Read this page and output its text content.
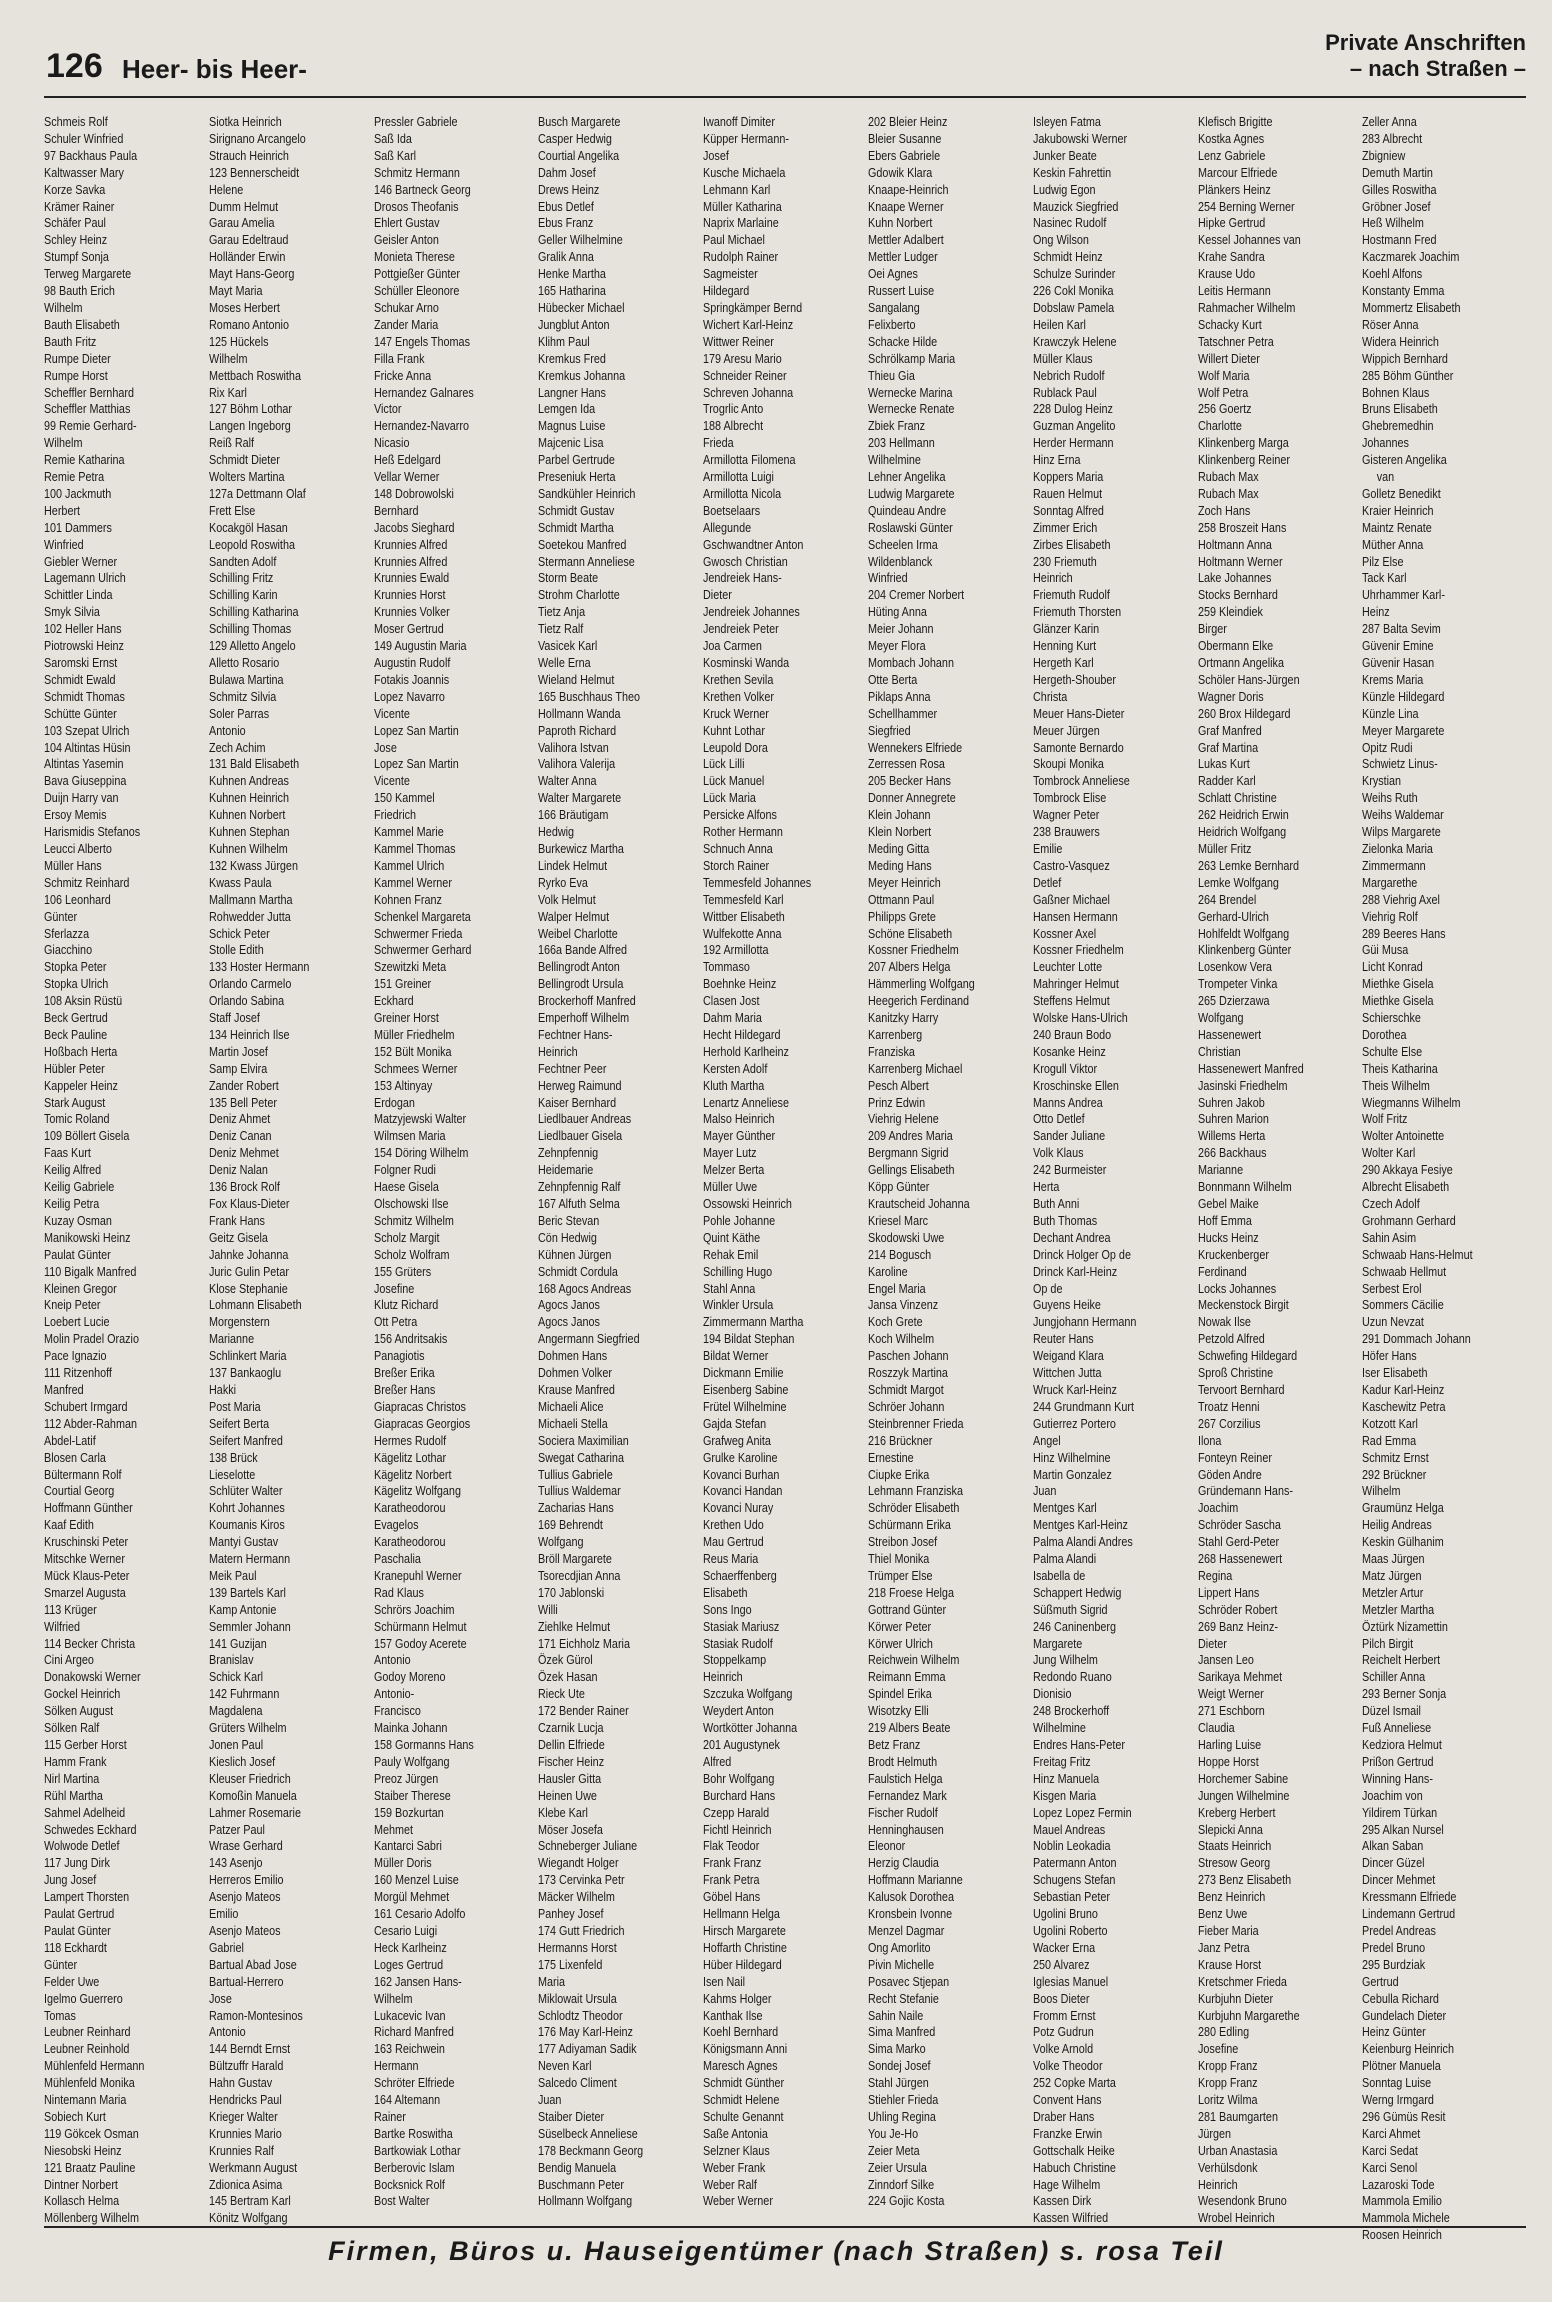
126 Heer- bis Heer-
Private Anschriften
– nach Straßen –
Schmeis Rolf
Schuler Winfried
97 Backhaus Paula
Kaltwasser Mary
Korze Savka
Krämer Rainer
Schäfer Paul
Schley Heinz
Stumpf Sonja
Terweg Margarete
98 Bauth Erich
Wilhelm
Bauth Elisabeth
Bauth Fritz
Rumpe Dieter
Rumpe Horst
Scheffler Bernhard
Scheffler Matthias
99 Remie Gerhard-
Wilhelm
Remie Katharina
Remie Petra
100 Jackmuth
Herbert
101 Dammers
Winfried
Giebler Werner
Lagemann Ulrich
Schittler Linda
Smyk Silvia
102 Heller Hans
Piotrowski Heinz
Saromski Ernst
Schmidt Ewald
Schmidt Thomas
Schütte Günter
103 Szepat Ulrich
104 Altintas Hüsin
Altintas Yasemin
Bava Giuseppina
Duijn Harry van
Ersoy Memis
Harismidis Stefanos
Leucci Alberto
Müller Hans
Schmitz Reinhard
106 Leonhard
Günter
Sferlazza
Giacchino
Stopka Peter
Stopka Ulrich
108 Aksin Rüstü
Beck Gertrud
Beck Pauline
Hoßbach Herta
Hübler Peter
Kappeler Heinz
Stark August
Tomic Roland
109 Böllert Gisela
Faas Kurt
Keilig Alfred
Keilig Gabriele
Keilig Petra
Kuzay Osman
Manikowski Heinz
Paulat Günter
110 Bigalk Manfred
Kleinen Gregor
Kneip Peter
Loebert Lucie
Molin Pradel Orazio
Pace Ignazio
111 Ritzenhoff
Manfred
Schubert Irmgard
112 Abder-Rahman
Abdel-Latif
Blosen Carla
Bültermann Rolf
Courtial Georg
Hoffmann Günther
Kaaf Edith
Kruschinski Peter
Mitschke Werner
Mück Klaus-Peter
Smarzel Augusta
113 Krüger
Wilfried
114 Becker Christa
Cini Argeo
Donakowski Werner
Gockel Heinrich
Sölken August
Sölken Ralf
115 Gerber Horst
Hamm Frank
Nirl Martina
Rühl Martha
Sahmel Adelheid
Schwedes Eckhard
Wolwode Detlef
117 Jung Dirk
Jung Josef
Lampert Thorsten
Paulat Gertrud
Paulat Günter
118 Eckhardt
Günter
Felder Uwe
Igelmo Guerrero
Tomas
Leubner Reinhard
Leubner Reinhold
Mühlenfeld Hermann
Mühlenfeld Monika
Nintemann Maria
Sobiech Kurt
119 Gökcek Osman
Niesobski Heinz
121 Braatz Pauline
Dintner Norbert
Kollasch Helma
Möllenberg Wilhelm
Siotka Heinrich
Sirignano Arcangelo
Strauch Heinrich
123 Bennerscheidt
Helene
Dumm Helmut
Garau Amelia
Garau Edeltraud
Holländer Erwin
Mayt Hans-Georg
Mayt Maria
Moses Herbert
Romano Antonio
125 Hückels
Wilhelm
Mettbach Roswitha
Rix Karl
127 Böhm Lothar
Langen Ingeborg
Reiß Ralf
Schmidt Dieter
Wolters Martina
127a Dettmann Olaf
Frett Else
Kocakgöl Hasan
Leopold Roswitha
Sandten Adolf
Schilling Fritz
Schilling Karin
Schilling Katharina
Schilling Thomas
129 Alletto Angelo
Alletto Rosario
Bulawa Martina
Schmitz Silvia
Soler Parras
Antonio
Zech Achim
131 Bald Elisabeth
Kuhnen Andreas
Kuhnen Heinrich
Kuhnen Norbert
Kuhnen Stephan
Kuhnen Wilhelm
132 Kwass Jürgen
Kwass Paula
Mallmann Martha
Rohwedder Jutta
Schick Peter
Stolle Edith
133 Hoster Hermann
Orlando Carmelo
Orlando Sabina
Staff Josef
134 Heinrich Ilse
Martin Josef
Samp Elvira
Zander Robert
135 Bell Peter
Deniz Ahmet
Deniz Canan
Deniz Mehmet
Deniz Nalan
136 Brock Rolf
Fox Klaus-Dieter
Frank Hans
Geitz Gisela
Jahnke Johanna
Juric Gulin Petar
Klose Stephanie
Lohmann Elisabeth
Morgenstern
Marianne
Schlinkert Maria
137 Bankaoglu
Hakki
Post Maria
Seifert Berta
Seifert Manfred
138 Brück
Lieselotte
Schlüter Walter
Kohrt Johannes
Koumanis Kiros
Mantyi Gustav
Matern Hermann
Meik Paul
139 Bartels Karl
Kamp Antonie
Semmler Johann
141 Guzijan
Branislav
Schick Karl
142 Fuhrmann
Magdalena
Grüters Wilhelm
Jonen Paul
Kieslich Josef
Kleuser Friedrich
Komoßin Manuela
Lahmer Rosemarie
Patzer Paul
Wrase Gerhard
143 Asenjo
Herreros Emilio
Asenjo Mateos
Emilio
Asenjo Mateos
Gabriel
Bartual Abad Jose
Bartual-Herrero
Jose
Ramon-Montesinos
Antonio
144 Berndt Ernst
Bültzuffr Harald
Hahn Gustav
Hendricks Paul
Krieger Walter
Krunnies Mario
Krunnies Ralf
Werkmann August
Zdionica Asima
145 Bertram Karl
Könitz Wolfgang
Pressler Gabriele
Saß Ida
Saß Karl
Schmitz Hermann
146 Bartneck Georg
Drosos Theofanis
Ehlert Gustav
Geisler Anton
Monieta Therese
Pottgießer Günter
Schüller Eleonore
Schukar Arno
Zander Maria
147 Engels Thomas
Filla Frank
Fricke Anna
Hernandez Galnares
Victor
Hernandez-Navarro
Nicasio
Heß Edelgard
Vellar Werner
148 Dobrowolski
Bernhard
Jacobs Sieghard
Krunnies Alfred
Krunnies Alfred
Krunnies Ewald
Krunnies Horst
Krunnies Volker
Moser Gertrud
149 Augustin Maria
Augustin Rudolf
Fotakis Joannis
Lopez Navarro
Vicente
Lopez San Martin
Jose
Lopez San Martin
Vicente
150 Kammel
Friedrich
Kammel Marie
Kammel Thomas
Kammel Ulrich
Kammel Werner
Kohnen Franz
Schenkel Margareta
Schwermer Frieda
Schwermer Gerhard
Szewitzki Meta
151 Greiner
Eckhard
Greiner Horst
Müller Friedhelm
152 Bült Monika
Schmees Werner
153 Altinyay
Erdogan
Matzyjewski Walter
Wilmsen Maria
154 Döring Wilhelm
Folgner Rudi
Haese Gisela
Olschowski Ilse
Schmitz Wilhelm
Scholz Margit
Scholz Wolfram
155 Grüters
Josefine
Klutz Richard
Ott Petra
156 Andritsakis
Panagiotis
Breßer Erika
Breßer Hans
Giapracas Christos
Giapracas Georgios
Hermes Rudolf
Kägelitz Lothar
Kägelitz Norbert
Kägelitz Wolfgang
Karatheodorou
Evagelos
Karatheodorou
Paschalia
Kranepuhl Werner
Rad Klaus
Schrörs Joachim
Schürmann Helmut
157 Godoy Acerete
Antonio
Godoy Moreno
Antonio-
Francisco
Mainka Johann
158 Gormanns Hans
Pauly Wolfgang
Preoz Jürgen
Staiber Therese
159 Bozkurtan
Mehmet
Kantarci Sabri
Müller Doris
160 Menzel Luise
Morgül Mehmet
161 Cesario Adolfo
Cesario Luigi
Heck Karlheinz
Loges Gertrud
162 Jansen Hans-
Wilhelm
Lukacevic Ivan
Richard Manfred
163 Reichwein
Hermann
Schröter Elfriede
164 Altemann
Rainer
Bartke Roswitha
Bartkowiak Lothar
Berberovic Islam
Bocksnick Rolf
Bost Walter
Busch Margarete
Casper Hedwig
Courtial Angelika
Dahm Josef
Drews Heinz
Ebus Detlef
Ebus Franz
Geller Wilhelmine
Gralik Anna
Henke Martha
165 Hatharina
Hübecker Michael
Jungblut Anton
Klihm Paul
Kremkus Fred
Kremkus Johanna
Langner Hans
Lemgen Ida
Magnus Luise
Majcenic Lisa
Parbel Gertrude
Preseniuk Herta
Sandkühler Heinrich
Schmidt Gustav
Schmidt Martha
Soetekou Manfred
Stermann Anneliese
Storm Beate
Strohm Charlotte
Tietz Anja
Tietz Ralf
Vasicek Karl
Welle Erna
Wieland Helmut
165 Buschhaus Theo
Hollmann Wanda
Paproth Richard
Valihora Istvan
Valihora Valerija
Walter Anna
Walter Margarete
166 Bräutigam
Hedwig
Burkewicz Martha
Lindek Helmut
Ryrko Eva
Volk Helmut
Walper Helmut
Weibel Charlotte
166a Bande Alfred
Bellingrodt Anton
Bellingrodt Ursula
Brockerhoff Manfred
Emperhoff Wilhelm
Fechtner Hans-
Heinrich
Fechtner Peer
Herweg Raimund
Kaiser Bernhard
Liedlbauer Andreas
Liedlbauer Gisela
Zehnpfennig
Heidemarie
Zehnpfennig Ralf
167 Alfuth Selma
Beric Stevan
Cön Hedwig
Kühnen Jürgen
Schmidt Cordula
168 Agocs Andreas
Agocs Janos
Agocs Janos
Angermann Siegfried
Dohmen Hans
Dohmen Volker
Krause Manfred
Michaeli Alice
Michaeli Stella
Sociera Maximilian
Swegat Catharina
Tullius Gabriele
Tullius Waldemar
Zacharias Hans
169 Behrendt
Wolfgang
Bröll Margarete
Tsorecdjian Anna
170 Jablonski
Willi
Ziehlke Helmut
171 Eichholz Maria
Özek Gürol
Özek Hasan
Rieck Ute
172 Bender Rainer
Czarnik Lucja
Dellin Elfriede
Fischer Heinz
Hausler Gitta
Heinen Uwe
Klebe Karl
Möser Josefa
Schneberger Juliane
Wiegandt Holger
173 Cervinka Petr
Mäcker Wilhelm
Panhey Josef
174 Gutt Friedrich
Hermanns Horst
175 Lixenfeld
Maria
Miklowait Ursula
Schlodtz Theodor
176 May Karl-Heinz
177 Adiyaman Sadik
Neven Karl
Salcedo Climent
Juan
Staiber Dieter
Süselbeck Anneliese
178 Beckmann Georg
Bendig Manuela
Buschmann Peter
Hollmann Wolfgang
Iwanoff Dimiter
Küpper Hermann-
Josef
Kusche Michaela
Lehmann Karl
Müller Katharina
Naprix Marlaine
Paul Michael
Rudolph Rainer
Sagmeister
Hildegard
Springkämper Bernd
Wichert Karl-Heinz
Wittwer Reiner
179 Aresu Mario
Schneider Reiner
Schreven Johanna
Trogrlic Anto
188 Albrecht
Frieda
Armillotta Filomena
Armillotta Luigi
Armillotta Nicola
Boetselaars
Allegunde
Gschwandtner Anton
Gwosch Christian
Jendreiek Hans-
Dieter
Jendreiek Johannes
Jendreiek Peter
Joa Carmen
Kosminski Wanda
Krethen Sevila
Krethen Volker
Kruck Werner
Kuhnt Lothar
Leupold Dora
Lück Lilli
Lück Manuel
Lück Maria
Persicke Alfons
Rother Hermann
Schnuch Anna
Storch Rainer
Temmesfeld Johannes
Temmesfeld Karl
Wittber Elisabeth
Wulfekotte Anna
192 Armillotta
Tommaso
Boehnke Heinz
Clasen Jost
Dahm Maria
Hecht Hildegard
Herhold Karlheinz
Kersten Adolf
Kluth Martha
Lenartz Anneliese
Malso Heinrich
Mayer Günther
Mayer Lutz
Melzer Berta
Müller Uwe
Ossowski Heinrich
Pohle Johanne
Quint Käthe
Rehak Emil
Schilling Hugo
Stahl Anna
Winkler Ursula
Zimmermann Martha
194 Bildat Stephan
Bildat Werner
Dickmann Emilie
Eisenberg Sabine
Frütel Wilhelmine
Gajda Stefan
Grafweg Anita
Grulke Karoline
Kovanci Burhan
Kovanci Handan
Kovanci Nuray
Krethen Udo
Mau Gertrud
Reus Maria
Schaerffenberg
Elisabeth
Sons Ingo
Stasiak Mariusz
Stasiak Rudolf
Stoppelkamp
Heinrich
Szczuka Wolfgang
Weydert Anton
Wortkötter Johanna
201 Augustynek
Alfred
Bohr Wolfgang
Burchard Hans
Czepp Harald
Fichtl Heinrich
Flak Teodor
Frank Franz
Frank Petra
Göbel Hans
Hellmann Helga
Hirsch Margarete
Hoffarth Christine
Hüber Hildegard
Isen Nail
Kahms Holger
Kanthak Ilse
Koehl Bernhard
Königsmann Anni
Maresch Agnes
Schmidt Günther
Schmidt Helene
Schulte Genannt
Saße Antonia
Selzner Klaus
Weber Frank
Weber Ralf
Weber Werner
202 Bleier Heinz
Bleier Susanne
Ebers Gabriele
Gdowik Klara
Knaape-Heinrich
Knaape Werner
Kuhn Norbert
Mettler Adalbert
Mettler Ludger
Oei Agnes
Russert Luise
Sangalang
Felixberto
Schacke Hilde
Schrölkamp Maria
Thieu Gia
Wernecke Marina
Wernecke Renate
Zbiek Franz
203 Hellmann
Wilhelmine
Lehner Angelika
Ludwig Margarete
Quindeau Andre
Roslawski Günter
Scheelen Irma
Wildenblanck
Winfried
204 Cremer Norbert
Hüting Anna
Meier Johann
Meyer Flora
Mombach Johann
Otte Berta
Piklaps Anna
Schellhammer
Siegfried
Wennekers Elfriede
Zerressen Rosa
205 Becker Hans
Donner Annegrete
Klein Johann
Klein Norbert
Meding Gitta
Meding Hans
Meyer Heinrich
Ottmann Paul
Philipps Grete
Schöne Elisabeth
Kossner Friedhelm
207 Albers Helga
Hämmerling Wolfgang
Heegerich Ferdinand
Kanitzky Harry
Karrenberg
Franziska
Karrenberg Michael
Pesch Albert
Prinz Edwin
Viehrig Helene
209 Andres Maria
Bergmann Sigrid
Gellings Elisabeth
Köpp Günter
Krautscheid Johanna
Kriesel Marc
Skodowski Uwe
214 Bogusch
Karoline
Engel Maria
Jansa Vinzenz
Koch Grete
Koch Wilhelm
Paschen Johann
Roszzyk Martina
Schmidt Margot
Schröer Johann
Steinbrenner Frieda
216 Brückner
Ernestine
Ciupke Erika
Lehmann Franziska
Schröder Elisabeth
Schürmann Erika
Streibon Josef
Thiel Monika
Trümper Else
218 Froese Helga
Gottrand Günter
Körwer Peter
Körwer Ulrich
Reichwein Wilhelm
Reimann Emma
Spindel Erika
Wisotzky Elli
219 Albers Beate
Betz Franz
Brodt Helmuth
Faulstich Helga
Fernandez Mark
Fischer Rudolf
Henninghausen
Eleonor
Herzig Claudia
Hoffmann Marianne
Kalusok Dorothea
Kronsbein Ivonne
Menzel Dagmar
Ong Amorlito
Pivin Michelle
Posavec Stjepan
Recht Stefanie
Sahin Naile
Sima Manfred
Sima Marko
Sondej Josef
Stahl Jürgen
Stiehler Frieda
Uhling Regina
You Je-Ho
Zeier Meta
Zeier Ursula
Zinndorf Silke
224 Gojic Kosta
Isleyen Fatma
Jakubowski Werner
Junker Beate
Keskin Fahrettin
Ludwig Egon
Mauzick Siegfried
Nasinec Rudolf
Ong Wilson
Schmidt Heinz
Schulze Surinder
226 Cokl Monika
Dobslaw Pamela
Heilen Karl
Krawczyk Helene
Müller Klaus
Nebrich Rudolf
Rublack Paul
228 Dulog Heinz
Guzman Angelito
Herder Hermann
Hinz Erna
Koppers Maria
Rauen Helmut
Sonntag Alfred
Zimmer Erich
Zirbes Elisabeth
230 Friemuth
Heinrich
Friemuth Rudolf
Friemuth Thorsten
Glänzer Karin
Henning Kurt
Hergeth Karl
Hergeth-Shouber
Christa
Meuer Hans-Dieter
Meuer Jürgen
Samonte Bernardo
Skoupi Monika
Tombrock Anneliese
Tombrock Elise
Wagner Peter
238 Brauwers
Emilie
Castro-Vasquez
Detlef
Gaßner Michael
Hansen Hermann
Kossner Axel
Kossner Friedhelm
Leuchter Lotte
Mahringer Helmut
Steffens Helmut
Wolske Hans-Ulrich
240 Braun Bodo
Kosanke Heinz
Krogull Viktor
Kroschinske Ellen
Manns Andrea
Otto Detlef
Sander Juliane
Volk Klaus
242 Burmeister
Herta
Buth Anni
Buth Thomas
Dechant Andrea
Drinck Holger Op de
Drinck Karl-Heinz
Op de
Guyens Heike
Jungjohann Hermann
Reuter Hans
Weigand Klara
Wittchen Jutta
Wruck Karl-Heinz
244 Grundmann Kurt
Gutierrez Portero
Angel
Hinz Wilhelmine
Martin Gonzalez
Juan
Mentges Karl
Mentges Karl-Heinz
Palma Alandi Andres
Palma Alandi
Isabella de
Schappert Hedwig
Süßmuth Sigrid
246 Caninenberg
Margarete
Jung Wilhelm
Redondo Ruano
Dionisio
248 Brockerhoff
Wilhelmine
Endres Hans-Peter
Freitag Fritz
Hinz Manuela
Kisgen Maria
Lopez Lopez Fermin
Mauel Andreas
Noblin Leokadia
Patermann Anton
Schugens Stefan
Sebastian Peter
Ugolini Bruno
Ugolini Roberto
Wacker Erna
250 Alvarez
Iglesias Manuel
Boos Dieter
Fromm Ernst
Potz Gudrun
Volke Arnold
Volke Theodor
252 Copke Marta
Convent Hans
Draber Hans
Franzke Erwin
Gottschalk Heike
Habuch Christine
Hage Wilhelm
Kassen Dirk
Kassen Wilfried
Klefisch Brigitte
Kostka Agnes
Lenz Gabriele
Marcour Elfriede
Plänkers Heinz
254 Berning Werner
Hipke Gertrud
Kessel Johannes van
Krahe Sandra
Krause Udo
Leitis Hermann
Rahmacher Wilhelm
Schacky Kurt
Tatschner Petra
Willert Dieter
Wolf Maria
Wolf Petra
256 Goertz
Charlotte
Klinkenberg Marga
Klinkenberg Reiner
Rubach Max
Rubach Max
Zoch Hans
258 Broszeit Hans
Holtmann Anna
Holtmann Werner
Lake Johannes
Stocks Bernhard
259 Kleindiek
Birger
Obermann Elke
Ortmann Angelika
Schöler Hans-Jürgen
Wagner Doris
260 Brox Hildegard
Graf Manfred
Graf Martina
Lukas Kurt
Radder Karl
Schlatt Christine
262 Heidrich Erwin
Heidrich Wolfgang
Müller Fritz
263 Lemke Bernhard
Lemke Wolfgang
264 Brendel
Gerhard-Ulrich
Hohlfeldt Wolfgang
Klinkenberg Günter
Losenkow Vera
Trompeter Vinka
265 Dzierzawa
Wolfgang
Hassenewert
Christian
Hassenewert Manfred
Jasinski Friedhelm
Suhren Jakob
Suhren Marion
Willems Herta
266 Backhaus
Marianne
Bonnmann Wilhelm
Gebel Maike
Hoff Emma
Hucks Heinz
Kruckenberger
Ferdinand
Locks Johannes
Meckenstock Birgit
Nowak Ilse
Petzold Alfred
Schwefing Hildegard
Sproß Christine
Tervoort Bernhard
Troatz Henni
267 Corzilius
Ilona
Fonteyn Reiner
Göden Andre
Gründemann Hans-
Joachim
Schröder Sascha
Stahl Gerd-Peter
268 Hassenewert
Regina
Lippert Hans
Schröder Robert
269 Banz Heinz-
Dieter
Jansen Leo
Sarikaya Mehmet
Weigt Werner
271 Eschborn
Claudia
Harling Luise
Hoppe Horst
Horchemer Sabine
Jungen Wilhelmine
Kreberg Herbert
Slepicki Anna
Staats Heinrich
Stresow Georg
273 Benz Elisabeth
Benz Heinrich
Benz Uwe
Fieber Maria
Janz Petra
Krause Horst
Kretschmer Frieda
Kurbjuhn Dieter
Kurbjuhn Margarethe
280 Edling
Josefine
Kropp Franz
Kropp Franz
Loritz Wilma
281 Baumgarten
Jürgen
Urban Anastasia
Verhülsdonk
Heinrich
Wesendonk Bruno
Wrobel Heinrich
Zeller Anna
283 Albrecht
Zbigniew
Demuth Martin
Gilles Roswitha
Gröbner Josef
Heß Wilhelm
Hostmann Fred
Kaczmarek Joachim
Koehl Alfons
Konstanty Emma
Mommertz Elisabeth
Röser Anna
Widera Heinrich
Wippich Bernhard
285 Böhm Günther
Bohnen Klaus
Bruns Elisabeth
Ghebremedhin
Johannes
Gisteren Angelika
van
Golletz Benedikt
Kraier Heinrich
Maintz Renate
Müther Anna
Pilz Else
Tack Karl
Uhrhammer Karl-
Heinz
287 Balta Sevim
Güvenir Emine
Güvenir Hasan
Krems Maria
Künzle Hildegard
Künzle Lina
Meyer Margarete
Opitz Rudi
Schwietz Linus-
Krystian
Weihs Ruth
Weihs Waldemar
Wilps Margarete
Zielonka Maria
Zimmermann
Margarethe
288 Viehrig Axel
Viehrig Rolf
289 Beeres Hans
Güi Musa
Licht Konrad
Miethke Gisela
Miethke Gisela
Schierschke
Dorothea
Schulte Else
Theis Katharina
Theis Wilhelm
Wiegmanns Wilhelm
Wolf Fritz
Wolter Antoinette
Wolter Karl
290 Akkaya Fesiye
Albrecht Elisabeth
Czech Adolf
Grohmann Gerhard
Sahin Asim
Schwaab Hans-Helmut
Schwaab Hellmut
Serbest Erol
Sommers Cäcilie
Uzun Nevzat
291 Dommach Johann
Höfer Hans
Iser Elisabeth
Kadur Karl-Heinz
Kaschewitz Petra
Kotzott Karl
Rad Emma
Schmitz Ernst
292 Brückner
Wilhelm
Graumünz Helga
Heilig Andreas
Keskin Gülhanim
Maas Jürgen
Matz Jürgen
Metzler Artur
Metzler Martha
Öztürk Nizamettin
Pilch Birgit
Reichelt Herbert
Schiller Anna
293 Berner Sonja
Düzel Ismail
Fuß Anneliese
Kedziora Helmut
Prißon Gertrud
Winning Hans-
Joachim von
Yildirem Türkan
295 Alkan Nursel
Alkan Saban
Dincer Güzel
Dincer Mehmet
Kressmann Elfriede
Lindemann Gertrud
Predel Andreas
Predel Bruno
295 Burdziak
Gertrud
Cebulla Richard
Gundelach Dieter
Heinz Günter
Keienburg Heinrich
Plötner Manuela
Sonntag Luise
Werng Irmgard
296 Gümüs Resit
Karci Ahmet
Karci Sedat
Karci Senol
Lazaroski Tode
Mammola Emilio
Mammola Michele
Roosen Heinrich
Firmen, Büros u. Hauseigentümer (nach Straßen) s. rosa Teil
